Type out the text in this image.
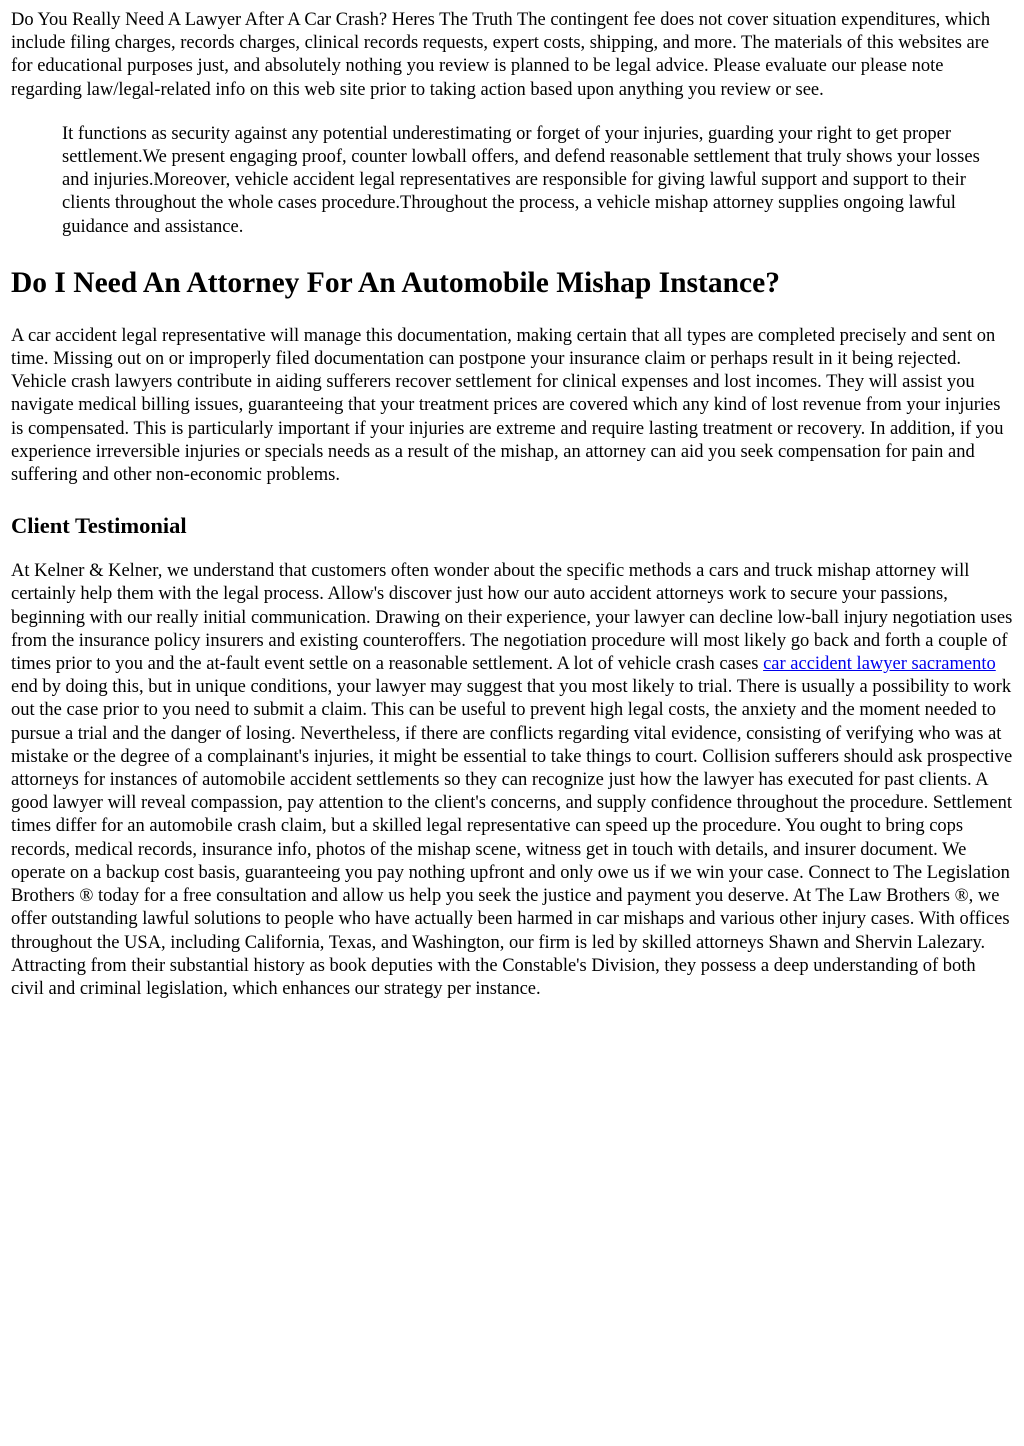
Do You Really Need A Lawyer After A Car Crash? Heres The Truth The contingent fee does not cover situation expenditures, which include filing charges, records charges, clinical records requests, expert costs, shipping, and more. The materials of this websites are for educational purposes just, and absolutely nothing you review is planned to be legal advice. Please evaluate our please note regarding law/legal-related info on this web site prior to taking action based upon anything you review or see.

It functions as security against any potential underestimating or forget of your injuries, guarding your right to get proper settlement.We present engaging proof, counter lowball offers, and defend reasonable settlement that truly shows your losses and injuries.Moreover, vehicle accident legal representatives are responsible for giving lawful support and support to their clients throughout the whole cases procedure.Throughout the process, a vehicle mishap attorney supplies ongoing lawful guidance and assistance.

Do I Need An Attorney For An Automobile Mishap Instance?

A car accident legal representative will manage this documentation, making certain that all types are completed precisely and sent on time. Missing out on or improperly filed documentation can postpone your insurance claim or perhaps result in it being rejected. Vehicle crash lawyers contribute in aiding sufferers recover settlement for clinical expenses and lost incomes. They will assist you navigate medical billing issues, guaranteeing that your treatment prices are covered which any kind of lost revenue from your injuries is compensated. This is particularly important if your injuries are extreme and require lasting treatment or recovery. In addition, if you experience irreversible injuries or specials needs as a result of the mishap, an attorney can aid you seek compensation for pain and suffering and other non-economic problems.

Client Testimonial

At Kelner & Kelner, we understand that customers often wonder about the specific methods a cars and truck mishap attorney will certainly help them with the legal process. Allow's discover just how our auto accident attorneys work to secure your passions, beginning with our really initial communication. Drawing on their experience, your lawyer can decline low-ball injury negotiation uses from the insurance policy insurers and existing counteroffers. The negotiation procedure will most likely go back and forth a couple of times prior to you and the at-fault event settle on a reasonable settlement. A lot of vehicle crash cases car accident lawyer sacramento end by doing this, but in unique conditions, your lawyer may suggest that you most likely to trial. There is usually a possibility to work out the case prior to you need to submit a claim. This can be useful to prevent high legal costs, the anxiety and the moment needed to pursue a trial and the danger of losing. Nevertheless, if there are conflicts regarding vital evidence, consisting of verifying who was at mistake or the degree of a complainant's injuries, it might be essential to take things to court. Collision sufferers should ask prospective attorneys for instances of automobile accident settlements so they can recognize just how the lawyer has executed for past clients. A good lawyer will reveal compassion, pay attention to the client's concerns, and supply confidence throughout the procedure. Settlement times differ for an automobile crash claim, but a skilled legal representative can speed up the procedure. You ought to bring cops records, medical records, insurance info, photos of the mishap scene, witness get in touch with details, and insurer document. We operate on a backup cost basis, guaranteeing you pay nothing upfront and only owe us if we win your case. Connect to The Legislation Brothers ® today for a free consultation and allow us help you seek the justice and payment you deserve. At The Law Brothers ®, we offer outstanding lawful solutions to people who have actually been harmed in car mishaps and various other injury cases. With offices throughout the USA, including California, Texas, and Washington, our firm is led by skilled attorneys Shawn and Shervin Lalezary. Attracting from their substantial history as book deputies with the Constable's Division, they possess a deep understanding of both civil and criminal legislation, which enhances our strategy per instance.
